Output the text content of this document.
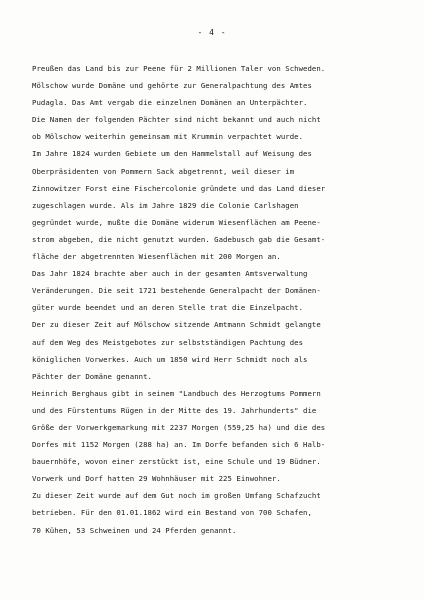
- 4 -
Preußen das Land bis zur Peene für 2 Millionen Taler von Schweden.
Mölschow wurde Domäne und gehörte zur Generalpachtung des Amtes
Pudagla. Das Amt vergab die einzelnen Domänen an Unterpächter.
Die Namen der folgenden Pächter sind nicht bekannt und auch nicht
ob Mölschow weiterhin gemeinsam mit Krummin verpachtet wurde.
Im Jahre 1824 wurden Gebiete um den Hammelstall auf Weisung des
Oberpräsidenten von Pommern Sack abgetrennt, weil dieser im
Zinnowitzer Forst eine Fischercolonie gründete und das Land dieser
zugeschlagen wurde. Als im Jahre 1829 die Colonie Carlshagen
gegründet wurde, mußte die Domäne widerum Wiesenflächen am Peene-
strom abgeben, die nicht genutzt wurden. Gadebusch gab die Gesamt-
fläche der abgetrennten Wiesenflächen mit 200 Morgen an.
Das Jahr 1824 brachte aber auch in der gesamten Amtsverwaltung
Veränderungen. Die seit 1721 bestehende Generalpacht der Domänen-
güter wurde beendet und an deren Stelle trat die Einzelpacht.
Der zu dieser Zeit auf Mölschow sitzende Amtmann Schmidt gelangte
auf dem Weg des Meistgebotes zur selbstständigen Pachtung des
königlichen Vorwerkes. Auch um 1850 wird Herr Schmidt noch als
Pächter der Domäne genannt.
Heinrich Berghaus gibt in seinem "Landbuch des Herzogtums Pommern
und des Fürstentums Rügen in der Mitte des 19. Jahrhunderts" die
Größe der Vorwerkgemarkung mit 2237 Morgen (559,25 ha) und die des
Dorfes mit 1152 Morgen (288 ha) an. Im Dorfe befanden sich 6 Halb-
bauernhöfe, wovon einer zerstückt ist, eine Schule und 19 Büdner.
Vorwerk und Dorf hatten 29 Wohnhäuser mit 225 Einwohner.
Zu dieser Zeit wurde auf dem Gut noch im großen Umfang Schafzucht
betrieben. Für den 01.01.1862 wird ein Bestand von 700 Schafen,
70 Kühen, 53 Schweinen und 24 Pferden genannt.
